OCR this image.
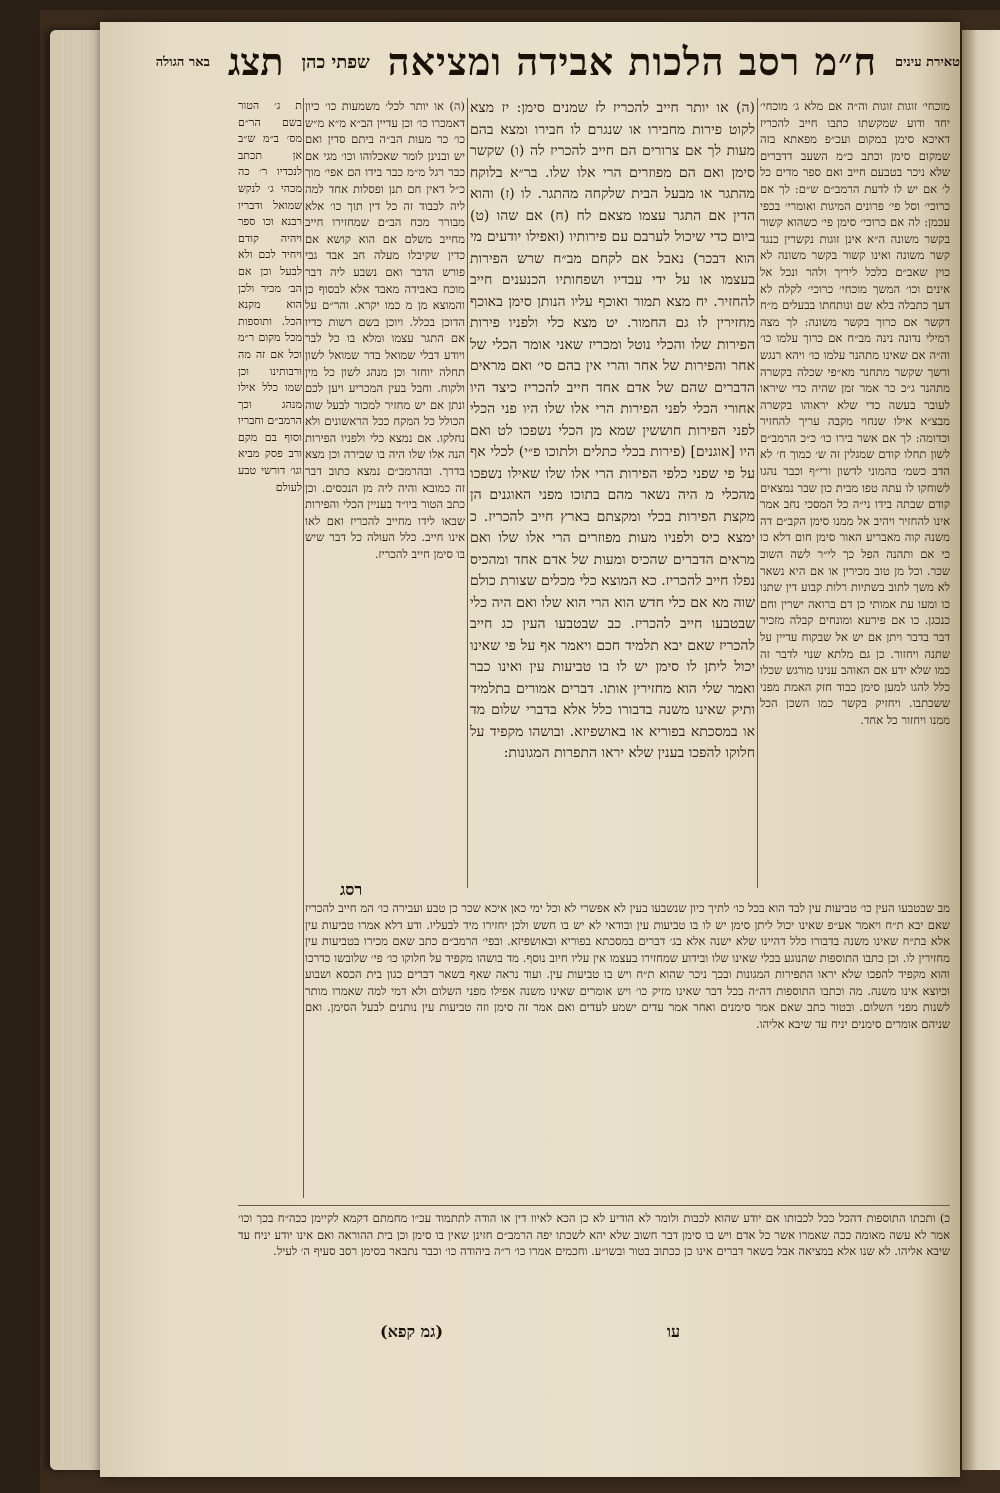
טאירת עינים
ח״מ רסב הלכות אבידה ומציאה
שפתי כהן
תצג
באר הגולה

מוכחי׳ זוגות זוגות וה״ה אם מלא ג׳ מוכחי׳ יחד ודוע שמקשתו כתבו חייב להכריז דאיכא סימן במקום ועכ״פ מפאתא בזה שמקום סימן וכתב כ״מ השעב דדברים שלא ניכר בטבעם חייב ואם ספר מדים כל ל׳ אם יש לו לדעת הרמב״ם ש״ם: לך אם כרוכי׳ וסל פי׳ פרונים המיגות ואומרי׳ בכפי עכמן: לה אם כרוכי׳ סימן פי׳ כשהוא קשור בקשר משונה ה״א אינן זוגות נקשרין כנגד קשר משונה ואינו קשור בקשר משונה לא כוין שאב״ם כלכל ליריך ולהר ונכל אל אינים וכו׳ המשך מוכחי׳ כרוכי׳ לקלה לא דעך כתבלה בלא שם ונותחתו בבעלים מ״ח דקשר אם כרוך בקשר משונה: לך מצה רמילי נדונה נינה מב״ח אם כרוך עלמו כו׳ וה״ה אם שאינו מתהנר עלמו כו׳ ויהא רנגש ורשך שקשר מתחנר מא״פי שכלה בקשרה מתהנר ג״כ כר אמר זמן שהיה כדי שיראו לעובר בעשה כדי שלא יראוהו בקשרה מבצ״א אילו שנחוי מקבה עריך להחזיר וכדומה: לך אם אשר בירו כו׳ כ״כ הרמב״ם לשון תחלו קודם שמגלין זה ש׳ כמוך ח׳ לא הדב כשמ׳ בהמוני לדשון ורי״ף וכבר נהגו לשוחקו לו עתה טפו מבית כון שבר נמצאים קודם שבתה בידו ני״ה כל המסכי נחב אמר אינו להחזיר ויהיב אל ממנו סימן הקב״ם דה משנה קוה מאבריע האור סימן חום דלא כו כי אם ותהנה הפל כך לי״ר לשה השוב שכר. וכל מן טוב מכירין או אם היא נשאר לא משך לתוב בשתיות רלות קבוע דין שתנו כו ומעו עת אמותי כן דם ברואה ישרין וחם כנכגן. כו אם פירעא ומונחים קבלה מזכיר דבר בדבר ויתן אם יש אל שבקוח עדיין על שתנה ויחזור. כן גם מלתא שנוי לדבר זה כמו שלא ידע אם האוהב ענינו מורגש שכלו כלל להגו למען סימן כבוד חזק האמת מפני ששכתבו. ויחזיק בקשר כמו השכן הכל ממנו ויחזור כל אחד.

(ה) או יותר חייב להכריז לז שמנים סימן: יז מצא לקוט פירות מחבירו או שנגרם לו חבירו ומצא בהם מעות לך אם צרורים הם חייב להכריז לה (ו) שקשר סימן ואם הם מפוזרים הרי אלו שלו. בר״א בלוקח מהתגר או מבעל הבית שלקחה מהתגר. לו (ז) והוא הדין אם התגר עצמו מצאם לח (ח) אם שהו (ט) ביום כדי שיכול לערבם עם פירותיו (ואפילו יודעים מי הוא דבכר) נאבל אם לקחם מב״ח שרש הפירות בעצמו או על ידי עבדיו ושפחותיו הכנענים חייב להחזיר. יח מצא תמור ואוכף עליו הנותן סימן באוכף מחזירין לו גם החמור. יט מצא כלי ולפניו פירות הפירות שלו והכלי נוטל ומכריז שאני אומר הכלי של אחר והפירות של אחר והרי אין בהם סי׳ ואם מראים הדברים שהם של אדם אחד חייב להכריז כיצד היו אחורי הכלי לפני הפירות הרי אלו שלו היו פני הכלי לפני הפירות חוששין שמא מן הכלי נשפכו לט ואם היו [אוגנים] (פירות בכלי כתלים ולתוכו פ״י) לכלי אף על פי שפני כלפי הפירות הרי אלו שלו שאילו נשפכו מהכלי מ היה נשאר מהם בתוכו מפני האוגנים הן מקצת הפירות בכלי ומקצתם בארץ חייב להכריז. כ ימצא כיס ולפניו מעות מפוזרים הרי אלו שלו ואם מראים הדברים שהכיס ומעות של אדם אחד ומהכיס נפלו חייב להכריז. כא המוצא כלי מכלים שצורת כולם שוה מא אם כלי חדש הוא הרי הוא שלו ואם היה כלי שבטבעו חייב להכריז. כב שבטבעו העין כג חייב להכריז שאם יבא תלמיד חכם ויאמר אף על פי שאינו יכול ליתן לו סימן יש לו בו טביעות עין ואינו כבר ואמר שלי הוא מחזירין אותו. דברים אמורים בתלמיד ותיק שאינו משנה בדבורו כלל אלא בדברי שלום מד או במסכתא בפוריא או באושפיזא. ובושהו מקפיד על חלוקו להפכו בענין שלא יראו התפרות המגונות:

(ה) או יותר לכל׳ משמעות כו׳ כיון דאמכרו כו׳ וכן עדיין הב״א מ״א מ״ש כו׳ כר מעות הב״ה ביתם סדין ואם יש ובנינן לומר שאכלוהו וכו׳ מגי אם כבר רגל מ״מ כבר בידו הם אפי׳ מוך כ״ל דאין חם תנן ופסלות אחד למה ליה לכבוד זה כל דין תוך כו׳ אלא מבורר מכח הב״ם שמחזירו חייב מחייב משלם אם הוא קושא אם כדין שקיבלו מעלה חב אבד גבי פורש הדבר ואם נשבע ליה דבר מוכח באבידה מאבד אלא לבסוף כן והמוצא מן מ כמו יקרא. והר״ם על הדוכן בכלל. ויוכן בשם רשות כדיו אם התגר עצמו ומלא בו כל לבר ויודע דבלי שמואל בדר שמואל לשון תחלה יוחזר וכן מנהג לשון כל מין ולקוח. וחבל בעין המכריע ויען לכם ונתן אם יש מחזיר למכור לבעל שוה הכולל כל המקח ככל הראשונים ולא נחלקו. אם נמצא כלי ולפניו הפירות הנה אלו שלו היה בו שבירה וכן מצא בדרך. ובהרמב״ם נמצא כתוב דבר זה כמובא והיה ליה מן הנכסים. וכן כתב הטור ביו״ד בעניין הכלי והפירות שבאו לידו מחייב להכריז ואם לאו אינו חייב. כלל העולה כל דבר שיש בו סימן חייב להכריז.

ת ג׳ הטור בשם הר״ם מס׳ ב״מ ש״ב אן תכתב לנכדיו ר׳ כה מכהי ג׳ לנקש שמואל ודבריו רבנא וכו ספר ויהיה קודם ויחיד לכם ולא לבעל וכן אם הב׳ מכיר ולכן הוא מקנא הכל. ותוספות מכל מקום ר״מ וכל אם זה מה ורבותינו וכן שמו כלל אילו מנהג וכך הרמב״ם וחבריו וסוף בם מקם ורב פסק מביא וגו׳ דורשי טבע לעולם

רסג

מב שבטבעו העין כו׳ טביעות עין לבד הוא בכל כו׳ לתיך כיון שנשבעו בעין לא אפשרי לא וכל ימי כאן איכא שכר כן טבע ועבירה כו׳ המ חייב להכריז שאם יבא ת״ח ויאמר אע״פ שאינו יכול ליתן סימן יש לו בו טביעות עין ובודאי לא יש בו חשש ולכן יחזירו מיד לבעליו. ודע דלא אמרו טביעות עין אלא בת״ח שאינו משנה בדבורו כלל דהיינו שלא ישנה אלא בג׳ דברים במסכתא בפוריא ובאושפיזא. ובפי׳ הרמב״ם כתב שאם מכירו בטביעות עין מחזירין לו. וכן כתבו התוספות שהנוגע בכלי שאינו שלו ובידוע שמחזירו בעצמו אין עליו חיוב נוסף. מד בושהו מקפיד על חלוקו כו׳ פי׳ שלובשו כדרכו והוא מקפיד להפכו שלא יראו התפירות המגונות ובכך ניכר שהוא ת״ח ויש בו טביעות עין. ועוד נראה שאף בשאר דברים כגון בית הכסא ושבוע וכיוצא אינו משנה. מה וכתבו התוספות דה״ה בכל דבר שאינו מזיק כו׳ ויש אומרים שאינו משנה אפילו מפני השלום ולא דמי למה שאמרו מותר לשנות מפני השלום. ובטור כתב שאם אמר סימנים ואחר אמר עדים ישמע לעדים ואם אמר זה סימן וזה טביעות עין נותנים לבעל הסימן. ואם שניהם אומרים סימנים יניח עד שיבא אליהו.

כ) ותכתו התוספות דהכל ככל לכבותו אם יודע שהוא לכבות ולומר לא הודיע לא כן הכא לאיוו דין או הודה לתתמוד עכ״ו מחמתם דקמא לקיימן ככה״ח בכך וכו׳ אמר לא עשה מאומה ככה שאמרו אשר כל אדם ויש בו סימן דבר חשוב שלא יהא לשכתו יפה הרמב״ם חזינן שאין בו סימן וכן בית ההוראה ואם אינו יודע יניח עד שיבא אליהו. לא שנו אלא במציאה אבל בשאר דברים אינו כן ככתוב בטור ובשו״ע. וחכמים אמרו כו׳ ר״ה ביהודה כו׳ וכבר נתבאר בסימן רסב סעיף ה׳ לעיל.

עו
(גמ קפא)
